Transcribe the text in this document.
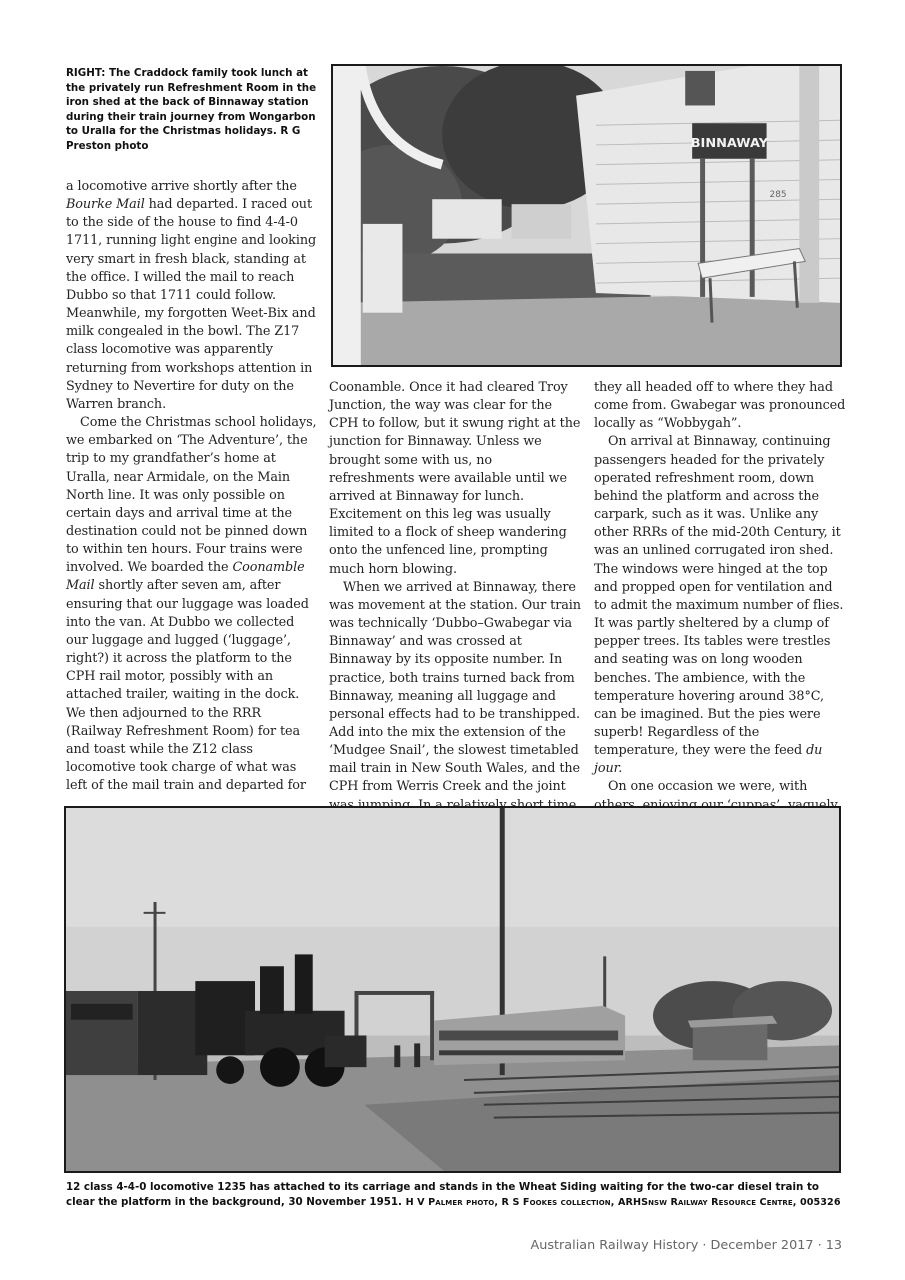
RIGHT: The Craddock family took lunch at the privately run Refreshment Room in the iron shed at the back of Binnaway station during their train journey from Wongarbon to Uralla for the Christmas holidays. R G Preston photo	BINNAWAY
285

a locomotive arrive shortly after the Bourke Mail had departed. I raced out to the side of the house to find 4-4-0 1711, running light engine and looking very smart in fresh black, standing at the office. I willed the mail to reach Dubbo so that 1711 could follow. Meanwhile, my forgotten Weet-Bix and milk congealed in the bowl. The Z17 class locomotive was apparently returning from workshops attention in Sydney to Nevertire for duty on the Warren branch.

Come the Christmas school holidays, we embarked on ‘The Adventure’, the trip to my grandfather’s home at Uralla, near Armidale, on the Main North line. It was only possible on certain days and arrival time at the destination could not be pinned down to within ten hours. Four trains were involved. We boarded the Coonamble Mail shortly after seven am, after ensuring that our luggage was loaded into the van. At Dubbo we collected our luggage and lugged (‘luggage’, right?) it across the platform to the CPH rail motor, possibly with an attached trailer, waiting in the dock. We then adjourned to the RRR (Railway Refreshment Room) for tea and toast while the Z12 class locomotive took charge of what was left of the mail train and departed for

Coonamble. Once it had cleared Troy Junction, the way was clear for the CPH to follow, but it swung right at the junction for Binnaway. Unless we brought some with us, no refreshments were available until we arrived at Binnaway for lunch. Excitement on this leg was usually limited to a flock of sheep wandering onto the unfenced line, prompting much horn blowing.

When we arrived at Binnaway, there was movement at the station. Our train was technically ‘Dubbo–Gwabegar via Binnaway’ and was crossed at Binnaway by its opposite number. In practice, both trains turned back from Binnaway, meaning all luggage and personal effects had to be transhipped. Add into the mix the extension of the ‘Mudgee Snail’, the slowest timetabled mail train in New South Wales, and the CPH from Werris Creek and the joint

they all headed off to where they had come from. Gwabegar was pronounced locally as “Wobbygah”.

On arrival at Binnaway, continuing passengers headed for the privately operated refreshment room, down behind the platform and across the carpark, such as it was. Unlike any other RRRs of the mid-20th Century, it was an unlined corrugated iron shed. The windows were hinged at the top and propped open for ventilation and to admit the maximum number of flies. It was partly sheltered by a clump of pepper trees. Its tables were trestles and seating was on long wooden benches. The ambience, with the temperature hovering around 38°C, can be imagined. But the pies were superb! Regardless of the temperature, they were the feed du jour.

On one occasion we were, with

12 class 4-4-0 locomotive 1235 has attached to its carriage and stands in the Wheat Siding waiting for the two-car diesel train to clear the platform in the background, 30 November 1951. H V Palmer photo, R S Fookes collection, ARHSnsw Railway Resource Centre, 005326
Australian Railway History · December 2017 · 13
